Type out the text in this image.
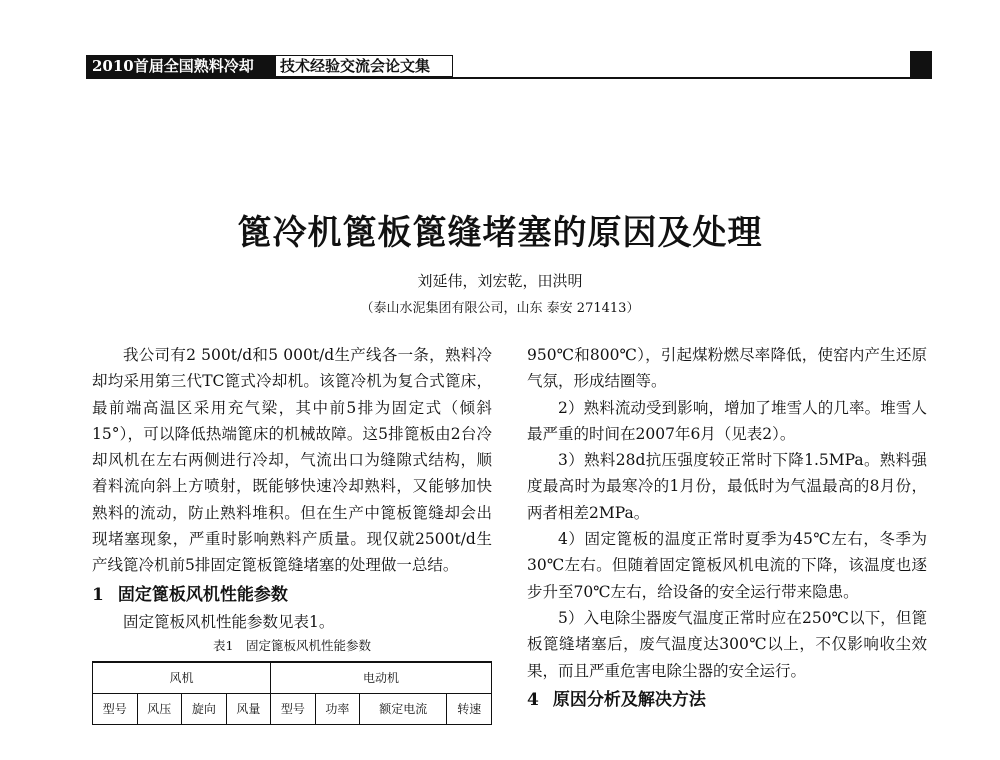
2010首届全国熟料冷却	技术经验交流会论文集
篦冷机篦板篦缝堵塞的原因及处理
刘延伟，刘宏乾，田洪明
（泰山水泥集团有限公司，山东 泰安 271413）

我公司有2 500t/d和5 000t/d生产线各一条，熟料冷却均采用第三代TC篦式冷却机。该篦冷机为复合式篦床，最前端高温区采用充气梁，其中前5排为固定式（倾斜15°），可以降低热端篦床的机械故障。这5排篦板由2台冷却风机在左右两侧进行冷却，气流出口为缝隙式结构，顺着料流向斜上方喷射，既能够快速冷却熟料，又能够加快熟料的流动，防止熟料堆积。但在生产中篦板篦缝却会出现堵塞现象，严重时影响熟料产质量。现仅就2500t/d生产线篦冷机前5排固定篦板篦缝堵塞的处理做一总结。

1 固定篦板风机性能参数

固定篦板风机性能参数见表1。

表1　固定篦板风机性能参数
风机				电动机			
型号	风压	旋向	风量	型号	功率	额定电流	转速

950℃和800℃），引起煤粉燃尽率降低，使窑内产生还原气氛，形成结圈等。

2）熟料流动受到影响，增加了堆雪人的几率。堆雪人最严重的时间在2007年6月（见表2）。

3）熟料28d抗压强度较正常时下降1.5MPa。熟料强度最高时为最寒冷的1月份，最低时为气温最高的8月份，两者相差2MPa。

4）固定篦板的温度正常时夏季为45℃左右，冬季为30℃左右。但随着固定篦板风机电流的下降，该温度也逐步升至70℃左右，给设备的安全运行带来隐患。

5）入电除尘器废气温度正常时应在250℃以下，但篦板篦缝堵塞后，废气温度达300℃以上，不仅影响收尘效果，而且严重危害电除尘器的安全运行。

4 原因分析及解决方法
